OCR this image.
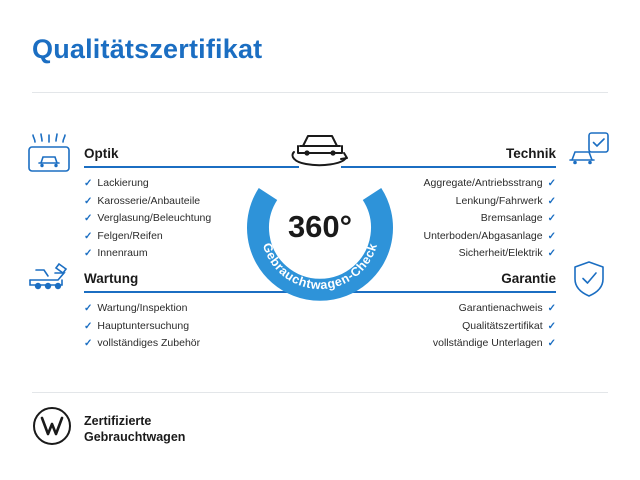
Qualitätszertifikat
Optik
✓ Lackierung
✓ Karosserie/Anbauteile
✓ Verglasung/Beleuchtung
✓ Felgen/Reifen
✓ Innenraum
Wartung
✓ Wartung/Inspektion
✓ Hauptuntersuchung
✓ vollständiges Zubehör
Technik
Aggregate/Antriebsstrang ✓
Lenkung/Fahrwerk ✓
Bremsanlage ✓
Unterboden/Abgasanlage ✓
Sicherheit/Elektrik ✓
Garantie
Garantienachweis ✓
Qualitätszertifikat ✓
vollständige Unterlagen ✓
Gebrauchtwagen-Check
360°
Zertifizierte
Gebrauchtwagen
